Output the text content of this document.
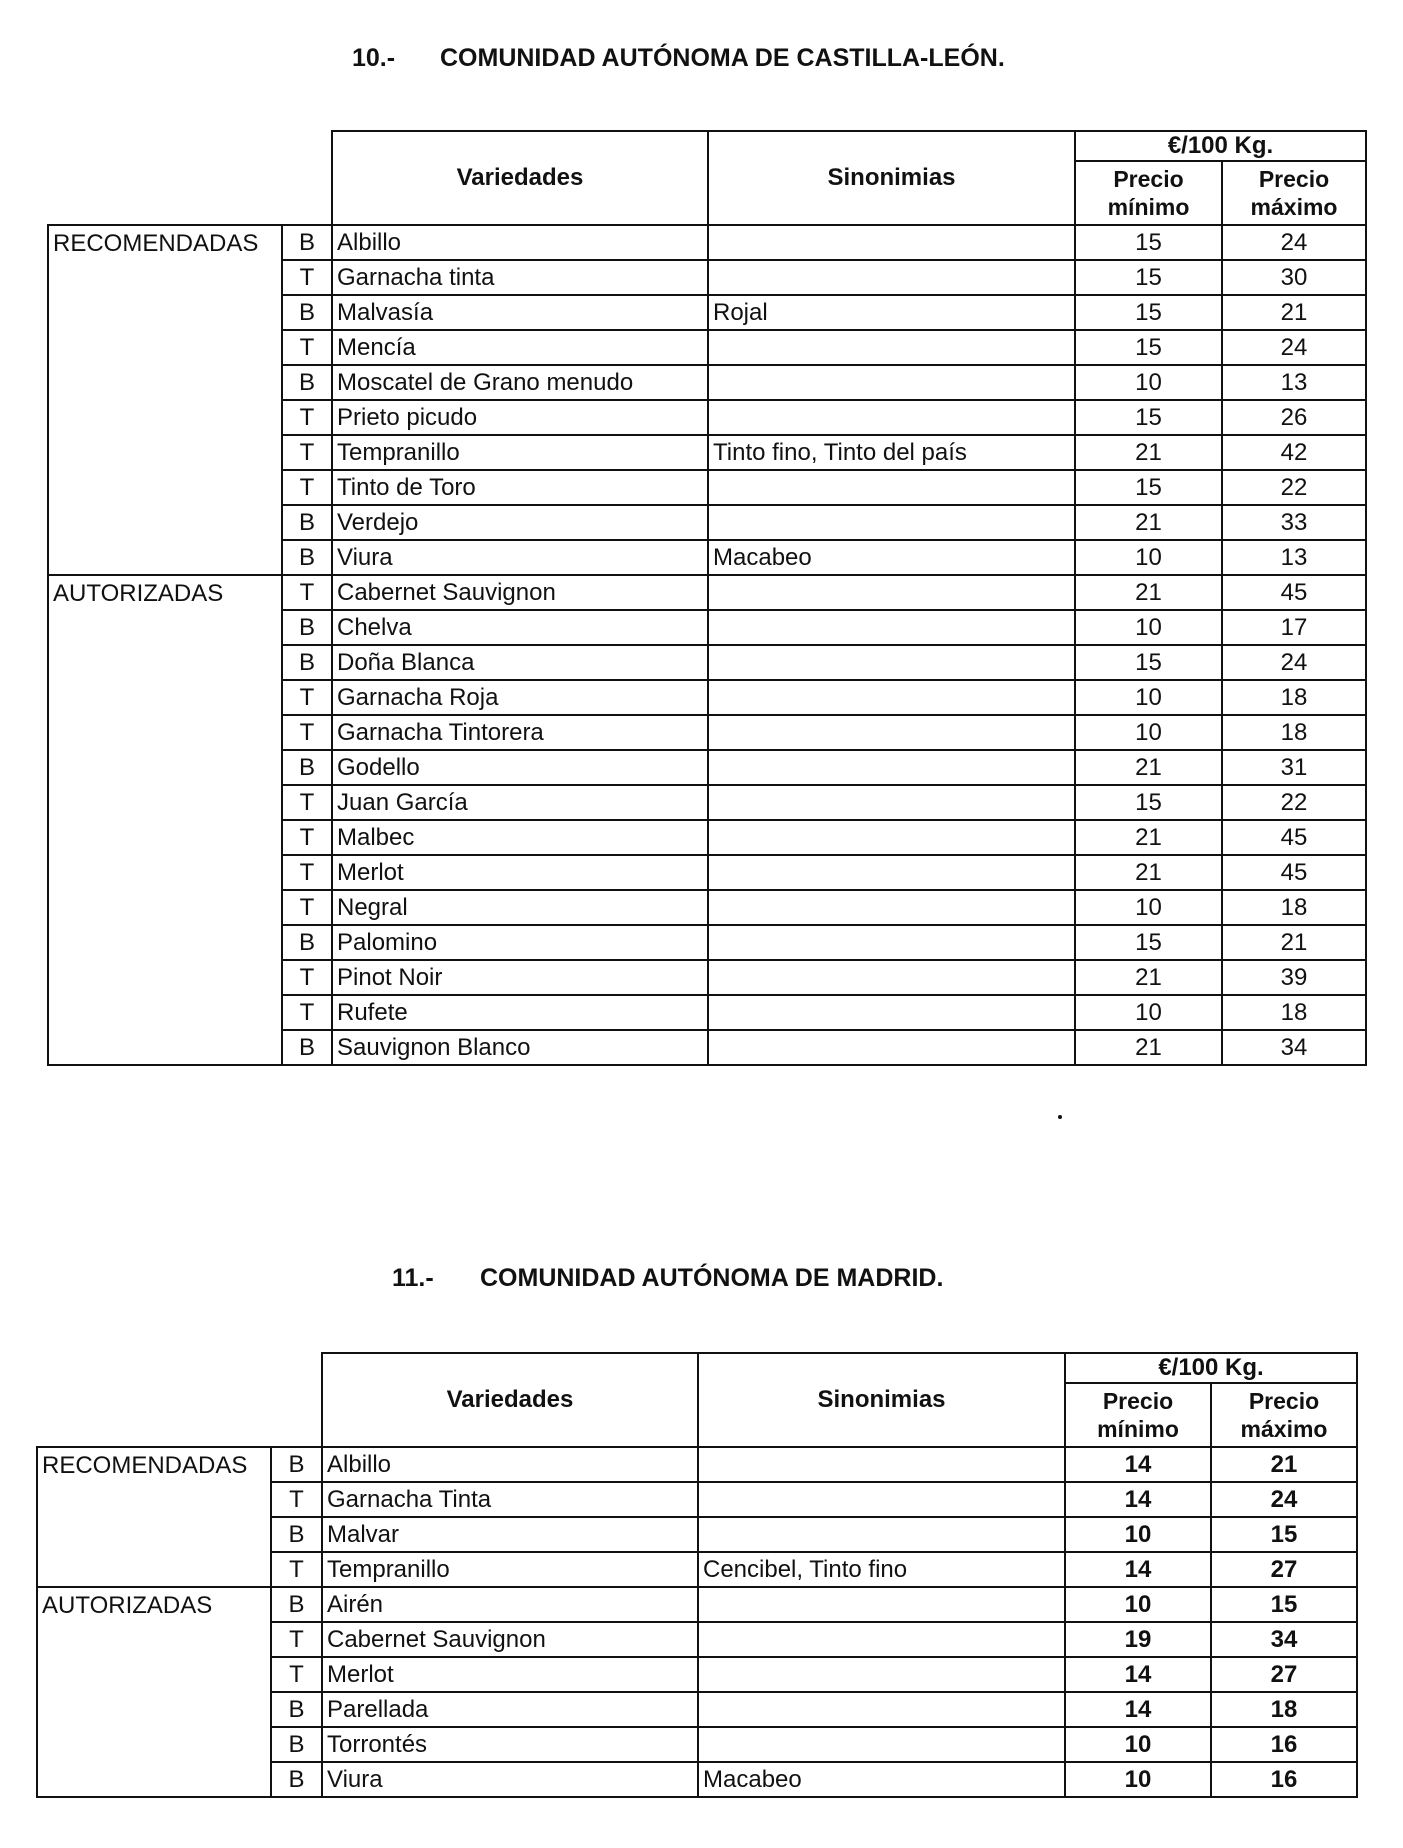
10.- COMUNIDAD AUTÓNOMA DE CASTILLA-LEÓN.
		Variedades	Sinonimias	€/100 Kg.	
				Precio mínimo	Precio máximo
RECOMENDADAS	B	Albillo		15	24
	T	Garnacha tinta		15	30
	B	Malvasía	Rojal	15	21
	T	Mencía		15	24
	B	Moscatel de Grano menudo		10	13
	T	Prieto picudo		15	26
	T	Tempranillo	Tinto fino, Tinto del país	21	42
	T	Tinto de Toro		15	22
	B	Verdejo		21	33
	B	Viura	Macabeo	10	13
AUTORIZADAS	T	Cabernet Sauvignon		21	45
	B	Chelva		10	17
	B	Doña Blanca		15	24
	T	Garnacha Roja		10	18
	T	Garnacha Tintorera		10	18
	B	Godello		21	31
	T	Juan García		15	22
	T	Malbec		21	45
	T	Merlot		21	45
	T	Negral		10	18
	B	Palomino		15	21
	T	Pinot Noir		21	39
	T	Rufete		10	18
	B	Sauvignon Blanco		21	34
11.- COMUNIDAD AUTÓNOMA DE MADRID.
		Variedades	Sinonimias	€/100 Kg.	
				Precio mínimo	Precio máximo
RECOMENDADAS	B	Albillo		14	21
	T	Garnacha Tinta		14	24
	B	Malvar		10	15
	T	Tempranillo	Cencibel, Tinto fino	14	27
AUTORIZADAS	B	Airén		10	15
	T	Cabernet Sauvignon		19	34
	T	Merlot		14	27
	B	Parellada		14	18
	B	Torrontés		10	16
	B	Viura	Macabeo	10	16
